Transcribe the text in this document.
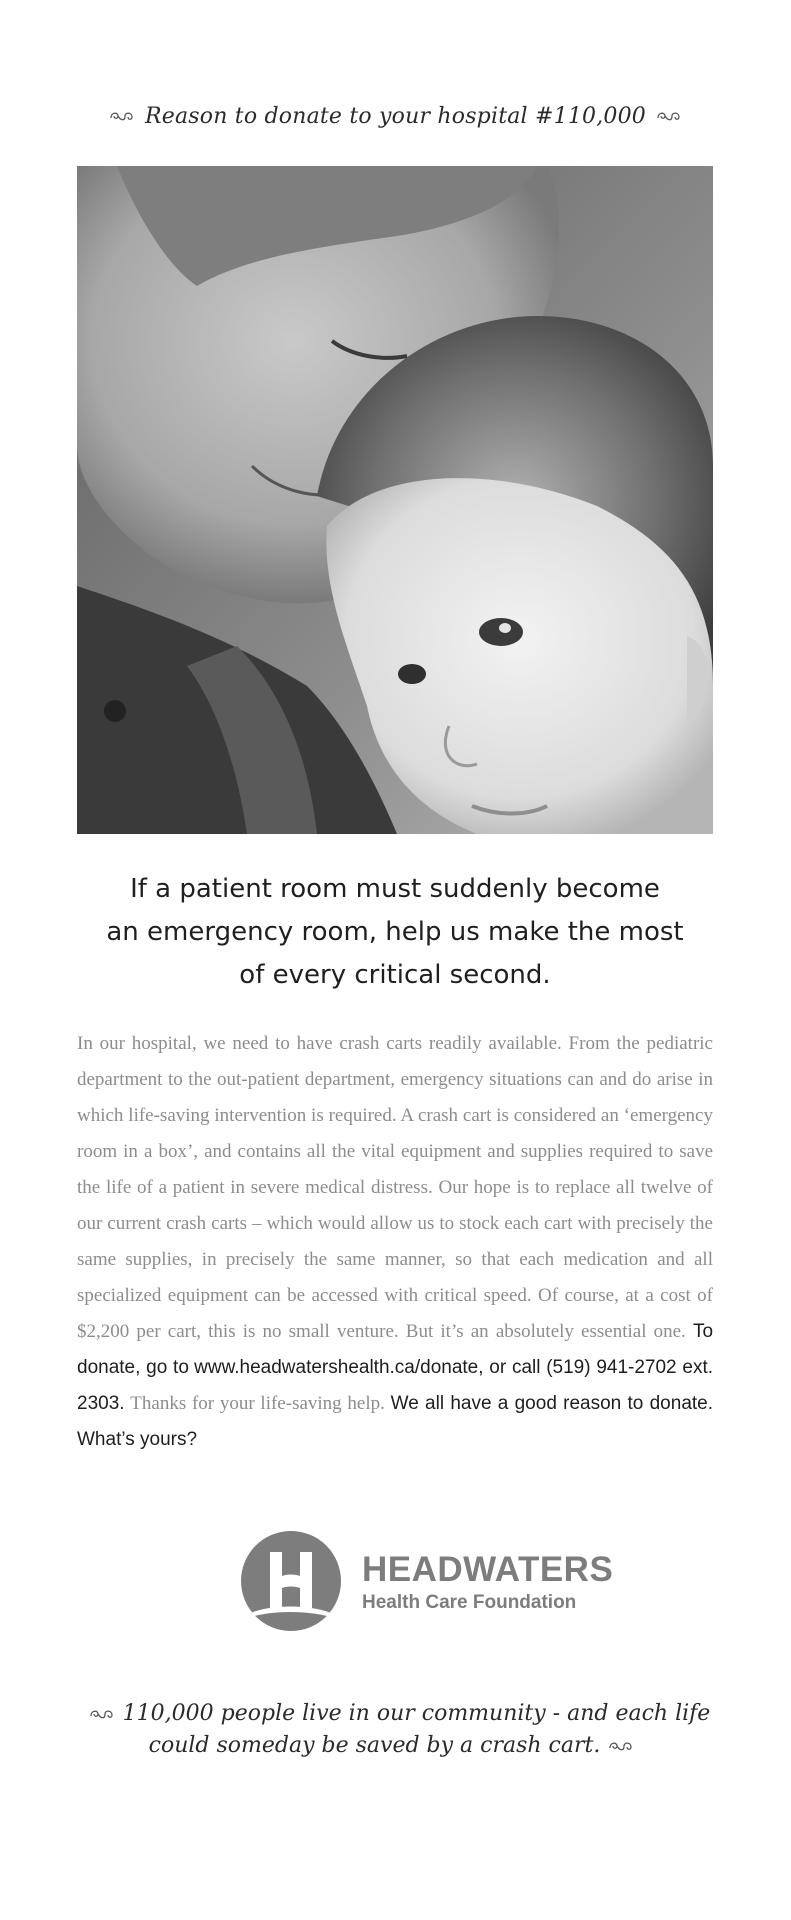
Reason to donate to your hospital #110,000
If a patient room must suddenly become
an emergency room, help us make the most
of every critical second.
In our hospital, we need to have crash carts readily available. From the pediatric department to the out-patient department, emergency situations can and do arise in which life-saving intervention is required. A crash cart is considered an ‘emergency room in a box’, and contains all the vital equipment and supplies required to save the life of a patient in severe medical distress. Our hope is to replace all twelve of our current crash carts – which would allow us to stock each cart with precisely the same supplies, in precisely the same manner, so that each medication and all specialized equipment can be accessed with critical speed. Of course, at a cost of $2,200 per cart, this is no small venture. But it’s an absolutely essential one. To donate, go to www.headwatershealth.ca/donate, or call (519) 941-2702 ext. 2303. Thanks for your life-saving help. We all have a good reason to donate. What’s yours?
HEADWATERS
Health Care Foundation
110,000 people live in our community - and each life
could someday be saved by a crash cart.
